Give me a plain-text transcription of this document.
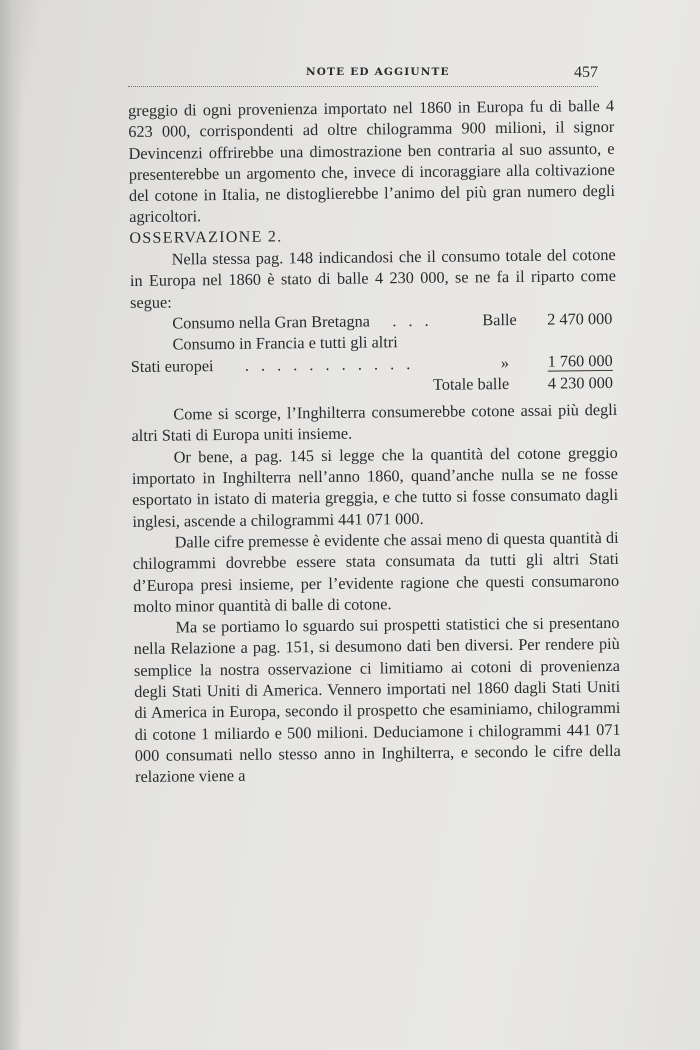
NOTE ED AGGIUNTE	457

greggio di ogni provenienza importato nel 1860 in Europa fu di balle 4 623 000, corrispondenti ad oltre chilogramma 900 milioni, il signor Devincenzi offrirebbe una dimostrazione ben contraria al suo assunto, e presenterebbe un argomento che, invece di incoraggiare alla coltivazione del cotone in Italia, ne distoglierebbe l’animo del più gran numero degli agricoltori.

OSSERVAZIONE 2.

Nella stessa pag. 148 indicandosi che il consumo totale del cotone in Europa nel 1860 è stato di balle 4 230 000, se ne fa il riparto come segue:

Consumo nella Gran Bretagna . . .	Balle 2 470 000
Consumo in Francia e tutti gli altri
Stati europei . . . . . . . . . . .	» 1 760 000
Totale balle 4 230 000

Come si scorge, l’Inghilterra consumerebbe cotone assai più degli altri Stati di Europa uniti insieme.

Or bene, a pag. 145 si legge che la quantità del cotone greggio importato in Inghilterra nell’anno 1860, quand’anche nulla se ne fosse esportato in istato di materia greggia, e che tutto si fosse consumato dagli inglesi, ascende a chilogrammi 441 071 000.

Dalle cifre premesse è evidente che assai meno di questa quantità di chilogrammi dovrebbe essere stata consumata da tutti gli altri Stati d’Europa presi insieme, per l’evidente ragione che questi consumarono molto minor quantità di balle di cotone.

Ma se portiamo lo sguardo sui prospetti statistici che si presentano nella Relazione a pag. 151, si desumono dati ben diversi. Per rendere più semplice la nostra osservazione ci limitiamo ai cotoni di provenienza degli Stati Uniti di America. Vennero importati nel 1860 dagli Stati Uniti di America in Europa, secondo il prospetto che esaminiamo, chilogrammi di cotone 1 miliardo e 500 milioni. Deduciamone i chilogrammi 441 071 000 consumati nello stesso anno in Inghilterra, e secondo le cifre della relazione viene a
